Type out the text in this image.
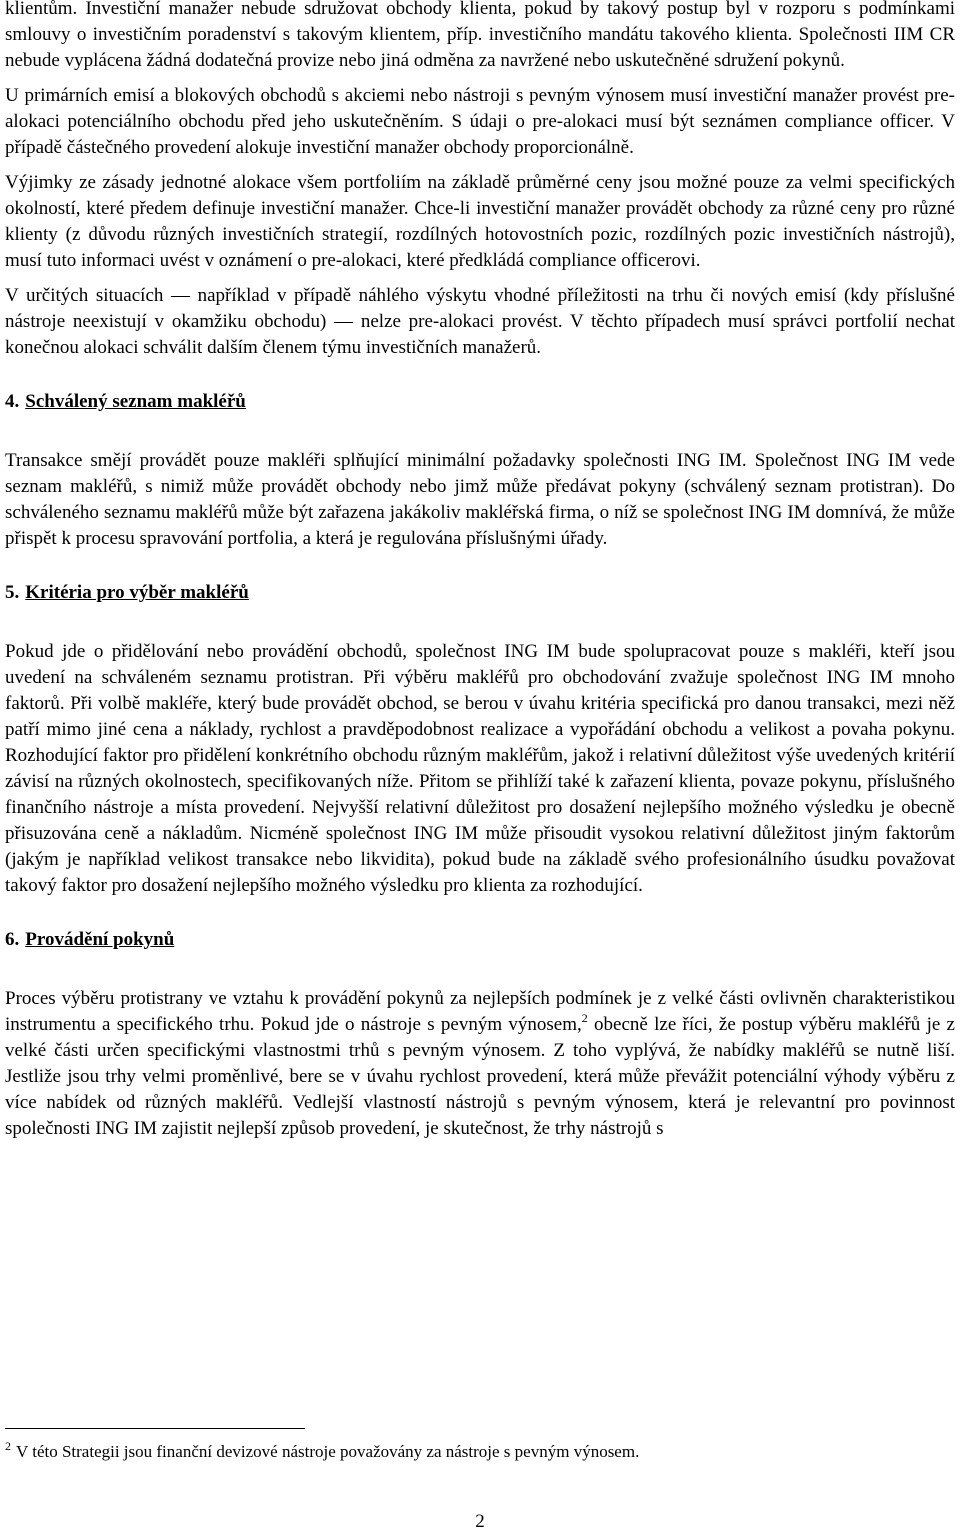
klientům. Investiční manažer nebude sdružovat obchody klienta, pokud by takový postup byl v rozporu s podmínkami smlouvy o investičním poradenství s takovým klientem, příp. investičního mandátu takového klienta. Společnosti IIM CR nebude vyplácena žádná dodatečná provize nebo jiná odměna za navržené nebo uskutečněné sdružení pokynů.

U primárních emisí a blokových obchodů s akciemi nebo nástroji s pevným výnosem musí investiční manažer provést pre-alokaci potenciálního obchodu před jeho uskutečněním. S údaji o pre-alokaci musí být seznámen compliance officer. V případě částečného provedení alokuje investiční manažer obchody proporcionálně.

Výjimky ze zásady jednotné alokace všem portfoliím na základě průměrné ceny jsou možné pouze za velmi specifických okolností, které předem definuje investiční manažer. Chce-li investiční manažer provádět obchody za různé ceny pro různé klienty (z důvodu různých investičních strategií, rozdílných hotovostních pozic, rozdílných pozic investičních nástrojů), musí tuto informaci uvést v oznámení o pre-alokaci, které předkládá compliance officerovi.

V určitých situacích — například v případě náhlého výskytu vhodné příležitosti na trhu či nových emisí (kdy příslušné nástroje neexistují v okamžiku obchodu) — nelze pre-alokaci provést. V těchto případech musí správci portfolií nechat konečnou alokaci schválit dalším členem týmu investičních manažerů.

4. Schválený seznam makléřů

Transakce smějí provádět pouze makléři splňující minimální požadavky společnosti ING IM. Společnost ING IM vede seznam makléřů, s nimiž může provádět obchody nebo jimž může předávat pokyny (schválený seznam protistran). Do schváleného seznamu makléřů může být zařazena jakákoliv makléřská firma, o níž se společnost ING IM domnívá, že může přispět k procesu spravování portfolia, a která je regulována příslušnými úřady.

5. Kritéria pro výběr makléřů

Pokud jde o přidělování nebo provádění obchodů, společnost ING IM bude spolupracovat pouze s makléři, kteří jsou uvedení na schváleném seznamu protistran. Při výběru makléřů pro obchodování zvažuje společnost ING IM mnoho faktorů. Při volbě makléře, který bude provádět obchod, se berou v úvahu kritéria specifická pro danou transakci, mezi něž patří mimo jiné cena a náklady, rychlost a pravděpodobnost realizace a vypořádání obchodu a velikost a povaha pokynu. Rozhodující faktor pro přidělení konkrétního obchodu různým makléřům, jakož i relativní důležitost výše uvedených kritérií závisí na různých okolnostech, specifikovaných níže. Přitom se přihlíží také k zařazení klienta, povaze pokynu, příslušného finančního nástroje a místa provedení. Nejvyšší relativní důležitost pro dosažení nejlepšího možného výsledku je obecně přisuzována ceně a nákladům. Nicméně společnost ING IM může přisoudit vysokou relativní důležitost jiným faktorům (jakým je například velikost transakce nebo likvidita), pokud bude na základě svého profesionálního úsudku považovat takový faktor pro dosažení nejlepšího možného výsledku pro klienta za rozhodující.

6. Provádění pokynů

Proces výběru protistrany ve vztahu k provádění pokynů za nejlepších podmínek je z velké části ovlivněn charakteristikou instrumentu a specifického trhu. Pokud jde o nástroje s pevným výnosem,$^2$ obecně lze říci, že postup výběru makléřů je z velké části určen specifickými vlastnostmi trhů s pevným výnosem. Z toho vyplývá, že nabídky makléřů se nutně liší. Jestliže jsou trhy velmi proměnlivé, bere se v úvahu rychlost provedení, která může převážit potenciální výhody výběru z více nabídek od různých makléřů. Vedlejší vlastností nástrojů s pevným výnosem, která je relevantní pro povinnost společnosti ING IM zajistit nejlepší způsob provedení, je skutečnost, že trhy nástrojů s

$^2$ V této Strategii jsou finanční devizové nástroje považovány za nástroje s pevným výnosem.
2
